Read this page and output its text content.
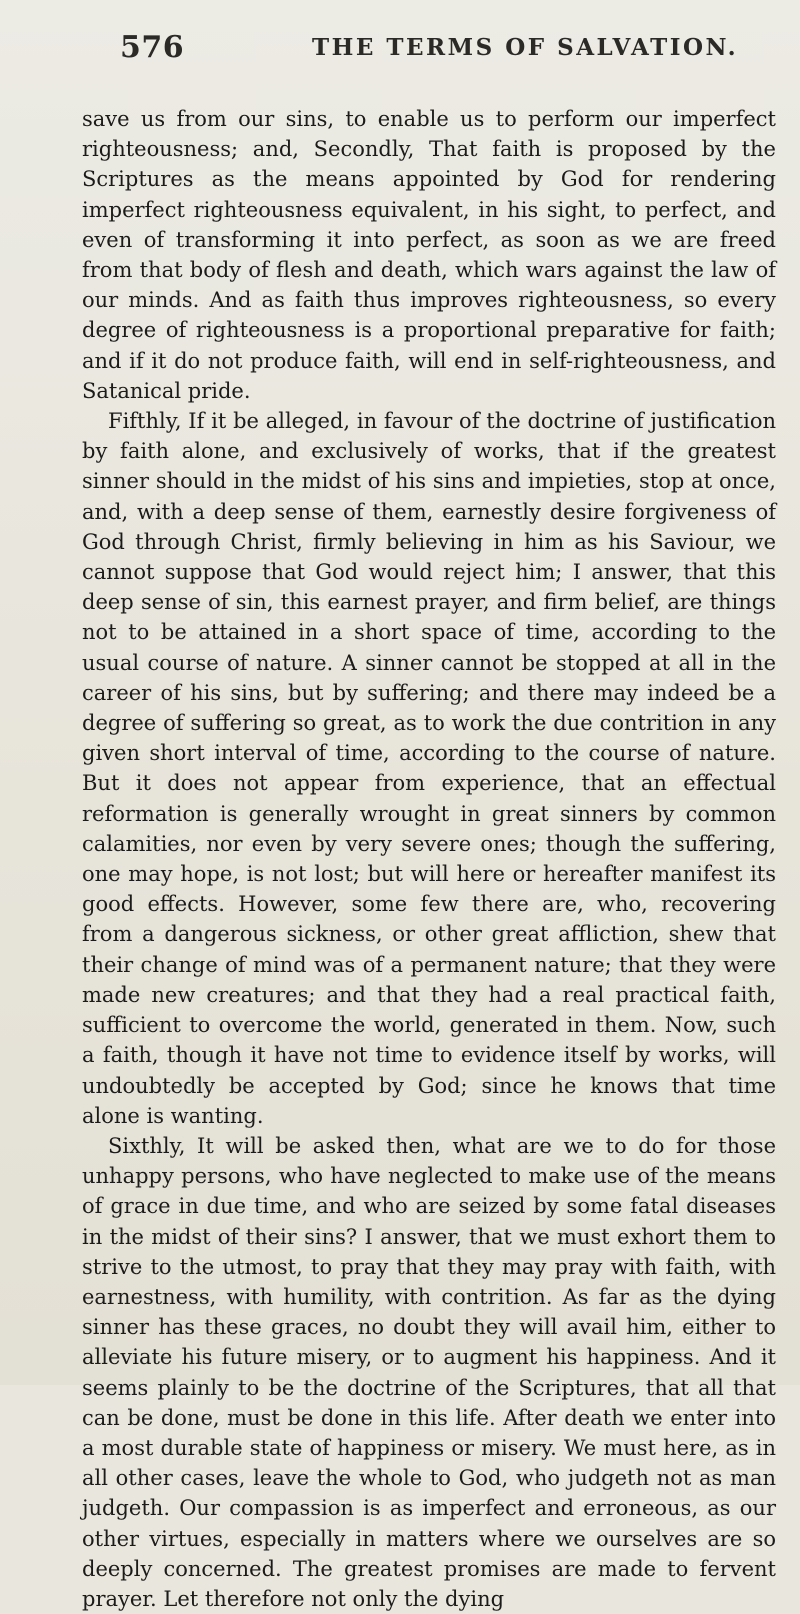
576	THE TERMS OF SALVATION.

save us from our sins, to enable us to perform our imperfect righteousness; and, Secondly, That faith is proposed by the Scriptures as the means appointed by God for rendering imperfect righteousness equivalent, in his sight, to perfect, and even of transforming it into perfect, as soon as we are freed from that body of flesh and death, which wars against the law of our minds. And as faith thus improves righteousness, so every degree of righteousness is a proportional preparative for faith; and if it do not produce faith, will end in self-righteousness, and Satanical pride.

Fifthly, If it be alleged, in favour of the doctrine of justification by faith alone, and exclusively of works, that if the greatest sinner should in the midst of his sins and impieties, stop at once, and, with a deep sense of them, earnestly desire forgiveness of God through Christ, firmly believing in him as his Saviour, we cannot suppose that God would reject him; I answer, that this deep sense of sin, this earnest prayer, and firm belief, are things not to be attained in a short space of time, according to the usual course of nature. A sinner cannot be stopped at all in the career of his sins, but by suffering; and there may indeed be a degree of suffering so great, as to work the due contrition in any given short interval of time, according to the course of nature. But it does not appear from experience, that an effectual reformation is generally wrought in great sinners by common calamities, nor even by very severe ones; though the suffering, one may hope, is not lost; but will here or hereafter manifest its good effects. However, some few there are, who, recovering from a dangerous sickness, or other great affliction, shew that their change of mind was of a permanent nature; that they were made new creatures; and that they had a real practical faith, sufficient to overcome the world, generated in them. Now, such a faith, though it have not time to evidence itself by works, will undoubtedly be accepted by God; since he knows that time alone is wanting.

Sixthly, It will be asked then, what are we to do for those unhappy persons, who have neglected to make use of the means of grace in due time, and who are seized by some fatal diseases in the midst of their sins? I answer, that we must exhort them to strive to the utmost, to pray that they may pray with faith, with earnestness, with humility, with contrition. As far as the dying sinner has these graces, no doubt they will avail him, either to alleviate his future misery, or to augment his happiness. And it seems plainly to be the doctrine of the Scriptures, that all that can be done, must be done in this life. After death we enter into a most durable state of happiness or misery. We must here, as in all other cases, leave the whole to God, who judgeth not as man judgeth. Our compassion is as imperfect and erroneous, as our other virtues, especially in matters where we ourselves are so deeply concerned. The greatest promises are made to fervent prayer. Let therefore not only the dying
